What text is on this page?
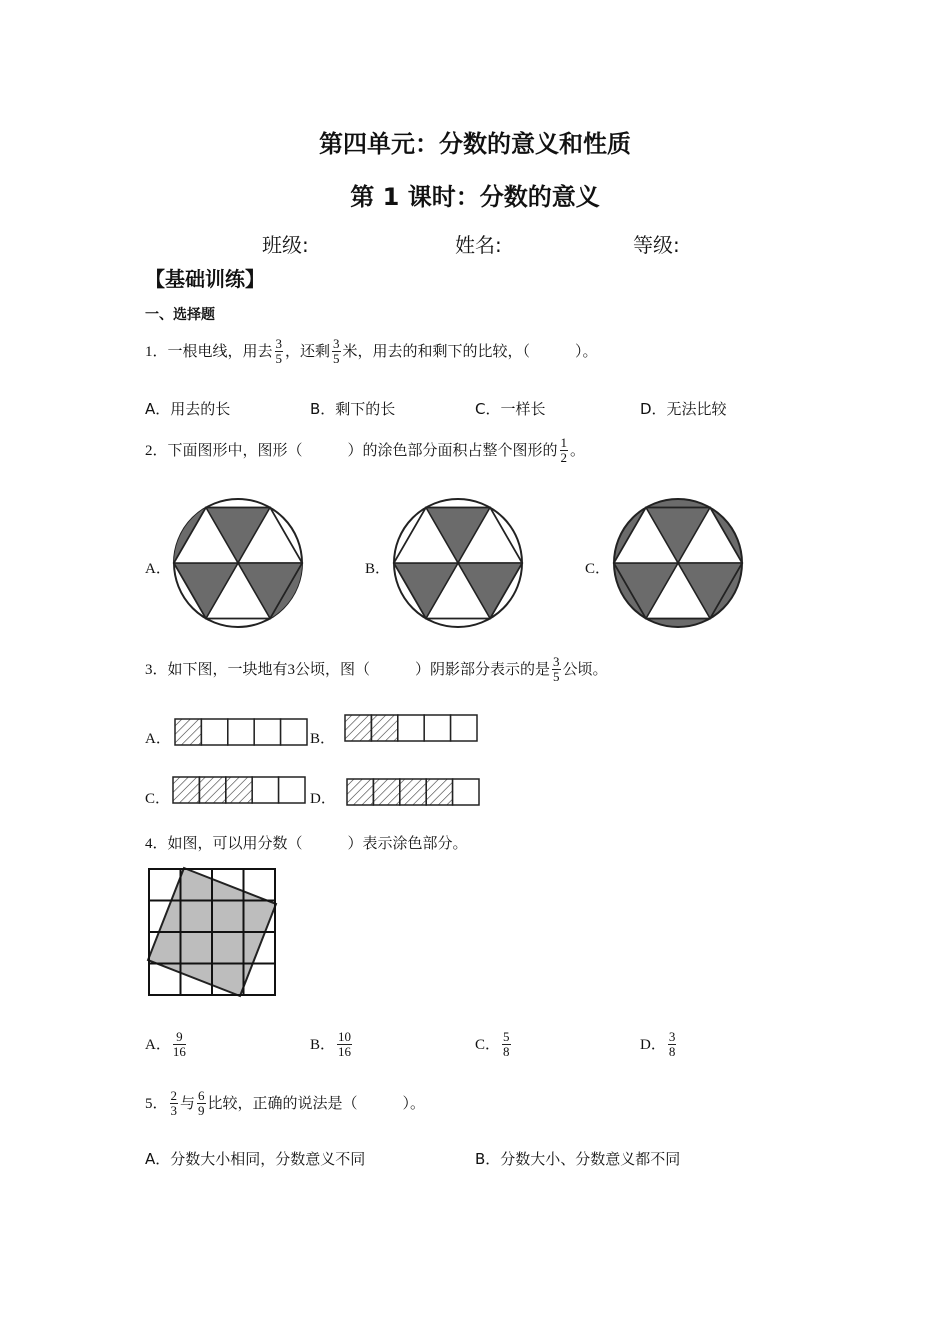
第四单元：分数的意义和性质
第 1 课时：分数的意义
班级:	姓名:	等级:
【基础训练】
一、选择题
1．一根电线，用去 $\frac{3}{5}$ ，还剩 $\frac{3}{5}$ 米，用去的和剩下的比较，（　　　）。
A．用去的长	B．剩下的长	C．一样长	D．无法比较
2．下面图形中，图形（　　　）的涂色部分面积占整个图形的 $\frac{1}{2}$ 。
A．	B．	C．
3．如下图，一块地有3公顷，图（　　　）阴影部分表示的是 $\frac{3}{5}$ 公顷。
A．	B．
C．	D．
4．如图，可以用分数（　　　）表示涂色部分。
A． $\frac{9}{16}$	B． $\frac{10}{16}$	C． $\frac{5}{8}$	D． $\frac{3}{8}$
5． $\frac{2}{3}$ 与 $\frac{6}{9}$ 比较，正确的说法是（　　　）。
A．分数大小相同，分数意义不同	B．分数大小、分数意义都不同
